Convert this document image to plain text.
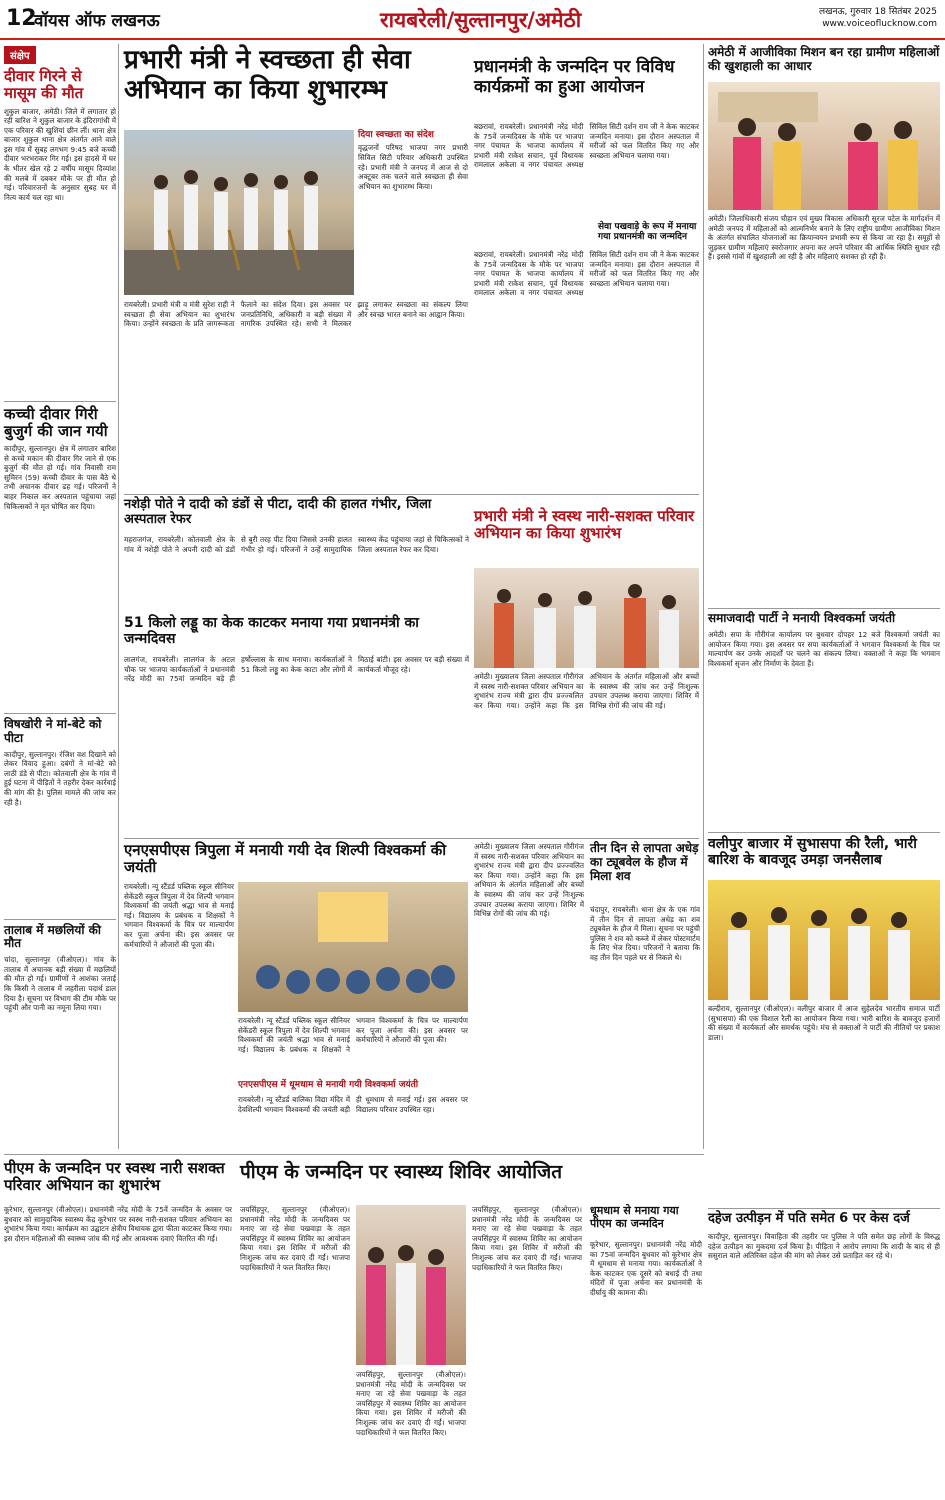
12
वॉयस ऑफ लखनऊ	रायबरेली/सुल्तानपुर/अमेठी	लखनऊ, गुरुवार 18 सितंबर 2025
www.voiceoflucknow.com
संक्षेप
दीवार गिरने से मासूम की मौत
शुकुल बाजार, अमेठी। जिले में लगातार हो रही बारिश ने शुकुल बाजार के इंदिरागांधी में एक परिवार की खुशियां छीन लीं। थाना क्षेत्र बाजार शुकुल थाना क्षेत्र अंतर्गत आने वाले इस गांव में सुबह लगभग 9:45 बजे कच्ची दीवार भरभराकर गिर गई। इस हादसे में घर के भीतर खेल रहे 2 वर्षीय मासूम दिव्यांश की मलबे में दबकर मौके पर ही मौत हो गई। परिवारजनों के अनुसार सुबह घर में नित्य कार्य चल रहा था।
कच्ची दीवार गिरी बुजुर्ग की जान गयी
कादीपुर, सुल्तानपुर। क्षेत्र में लगातार बारिश से कच्चे मकान की दीवार गिर जाने से एक बुजुर्ग की मौत हो गई। गांव निवासी राम सुमिरन (59) कच्ची दीवार के पास बैठे थे तभी अचानक दीवार ढह गई। परिजनों ने बाहर निकाल कर अस्पताल पहुंचाया जहां चिकित्सकों ने मृत घोषित कर दिया।
विषखोरी ने मां-बेटे को पीटा
कादीपुर, सुल्तानपुर। रंजिश वश दिखाने को लेकर विवाद हुआ। दबंगों ने मां-बेटे को लाठी डंडे से पीटा। कोतवाली क्षेत्र के गांव में हुई घटना में पीड़ितों ने तहरीर देकर कार्रवाई की मांग की है। पुलिस मामले की जांच कर रही है।
तालाब में मछलियों की मौत
चांदा, सुल्तानपुर (वीओएल)। गांव के तालाब में अचानक बड़ी संख्या में मछलियों की मौत हो गई। ग्रामीणों ने आशंका जताई कि किसी ने तालाब में जहरीला पदार्थ डाल दिया है। सूचना पर विभाग की टीम मौके पर पहुंची और पानी का नमूना लिया गया।
प्रभारी मंत्री ने स्वच्छता ही सेवा
अभियान का किया शुभारम्भ
दिया स्वच्छता का संदेश
वृद्धजनों परिषद भाजपा नगर प्रभारी सिविल सिटी परिवार अधिकारी उपस्थित रहे। प्रभारी मंत्री ने जनपद में आज से दो अक्टूबर तक चलने वाले स्वच्छता ही सेवा अभियान का शुभारम्भ किया।
रायबरेली। प्रभारी मंत्री व मंत्री सुरेश राही ने स्वच्छता ही सेवा अभियान का शुभारंभ किया। उन्होंने स्वच्छता के प्रति जागरूकता फैलाने का संदेश दिया। इस अवसर पर जनप्रतिनिधि, अधिकारी व बड़ी संख्या में नागरिक उपस्थित रहे। सभी ने मिलकर झाड़ू लगाकर स्वच्छता का संकल्प लिया और स्वच्छ भारत बनाने का आह्वान किया।
प्रधानमंत्री के जन्मदिन पर विविध कार्यक्रमों का हुआ आयोजन
बछरावां, रायबरेली। प्रधानमंत्री नरेंद्र मोदी के 75वें जन्मदिवस के मौके पर भाजपा नगर पंचायत के भाजपा कार्यालय में प्रभारी मंत्री राकेश सचान, पूर्व विधायक रामलाल अकेला व नगर पंचायत अध्यक्ष सिविल सिटी दर्शन राम जी ने केक काटकर जन्मदिन मनाया। इस दौरान अस्पताल में मरीजों को फल वितरित किए गए और स्वच्छता अभियान चलाया गया।
सेवा पखवाड़े के रूप में मनाया गया प्रधानमंत्री का जन्मदिन
बछरावां, रायबरेली। प्रधानमंत्री नरेंद्र मोदी के 75वें जन्मदिवस के मौके पर भाजपा नगर पंचायत के भाजपा कार्यालय में प्रभारी मंत्री राकेश सचान, पूर्व विधायक रामलाल अकेला व नगर पंचायत अध्यक्ष सिविल सिटी दर्शन राम जी ने केक काटकर जन्मदिन मनाया। इस दौरान अस्पताल में मरीजों को फल वितरित किए गए और स्वच्छता अभियान चलाया गया।
नशेड़ी पोते ने दादी को डंडों से पीटा, दादी की हालत गंभीर, जिला अस्पताल रेफर
महराजगंज, रायबरेली। कोतवाली क्षेत्र के गांव में नशेड़ी पोते ने अपनी दादी को डंडों से बुरी तरह पीट दिया जिससे उनकी हालत गंभीर हो गई। परिजनों ने उन्हें सामुदायिक स्वास्थ्य केंद्र पहुंचाया जहां से चिकित्सकों ने जिला अस्पताल रेफर कर दिया।
51 किलो लड्डू का केक काटकर मनाया गया प्रधानमंत्री का जन्मदिवस
लालगंज, रायबरेली। लालगंज के अटल चौक पर भाजपा कार्यकर्ताओं ने प्रधानमंत्री नरेंद्र मोदी का 75वां जन्मदिन बड़े ही हर्षोल्लास के साथ मनाया। कार्यकर्ताओं ने 51 किलो लड्डू का केक काटा और लोगों में मिठाई बांटी। इस अवसर पर बड़ी संख्या में कार्यकर्ता मौजूद रहे।
प्रभारी मंत्री ने स्वस्थ नारी-सशक्त परिवार अभियान का किया शुभारंभ
अमेठी। मुख्यालय जिला अस्पताल गौरीगंज में स्वस्थ नारी-सशक्त परिवार अभियान का शुभारंभ राज्य मंत्री द्वारा दीप प्रज्ज्वलित कर किया गया। उन्होंने कहा कि इस अभियान के अंतर्गत महिलाओं और बच्चों के स्वास्थ्य की जांच कर उन्हें निःशुल्क उपचार उपलब्ध कराया जाएगा। शिविर में विभिन्न रोगों की जांच की गई।
एनएसपीएस त्रिपुला में मनायी गयी देव शिल्पी विश्वकर्मा की जयंती
रायबरेली। न्यू स्टैंडर्ड पब्लिक स्कूल सीनियर सेकेंडरी स्कूल त्रिपुला में देव शिल्पी भगवान विश्वकर्मा की जयंती श्रद्धा भाव से मनाई गई। विद्यालय के प्रबंधक व शिक्षकों ने भगवान विश्वकर्मा के चित्र पर माल्यार्पण कर पूजा अर्चना की। इस अवसर पर कर्मचारियों ने औजारों की पूजा की।
रायबरेली। न्यू स्टैंडर्ड पब्लिक स्कूल सीनियर सेकेंडरी स्कूल त्रिपुला में देव शिल्पी भगवान विश्वकर्मा की जयंती श्रद्धा भाव से मनाई गई। विद्यालय के प्रबंधक व शिक्षकों ने भगवान विश्वकर्मा के चित्र पर माल्यार्पण कर पूजा अर्चना की। इस अवसर पर कर्मचारियों ने औजारों की पूजा की।
एनएसपीएस में धूमधाम से मनायी गयी विश्वकर्मा जयंती
रायबरेली। न्यू स्टैंडर्ड बालिका विद्या मंदिर में देवशिल्पी भगवान विश्वकर्मा की जयंती बड़ी ही धूमधाम से मनाई गई। इस अवसर पर विद्यालय परिवार उपस्थित रहा।
अमेठी। मुख्यालय जिला अस्पताल गौरीगंज में स्वस्थ नारी-सशक्त परिवार अभियान का शुभारंभ राज्य मंत्री द्वारा दीप प्रज्ज्वलित कर किया गया। उन्होंने कहा कि इस अभियान के अंतर्गत महिलाओं और बच्चों के स्वास्थ्य की जांच कर उन्हें निःशुल्क उपचार उपलब्ध कराया जाएगा। शिविर में विभिन्न रोगों की जांच की गई।
तीन दिन से लापता अधेड़ का ट्यूबवेल के हौज में मिला शव
चंदापुर, रायबरेली। थाना क्षेत्र के एक गांव में तीन दिन से लापता अधेड़ का शव ट्यूबवेल के हौज में मिला। सूचना पर पहुंची पुलिस ने शव को कब्जे में लेकर पोस्टमार्टम के लिए भेज दिया। परिजनों ने बताया कि वह तीन दिन पहले घर से निकले थे।
अमेठी में आजीविका मिशन बन रहा ग्रामीण महिलाओं की खुशहाली का आधार
अमेठी। जिलाधिकारी संजय चौहान एवं मुख्य विकास अधिकारी सूरज पटेल के मार्गदर्शन में अमेठी जनपद में महिलाओं को आत्मनिर्भर बनाने के लिए राष्ट्रीय ग्रामीण आजीविका मिशन के अंतर्गत संचालित योजनाओं का क्रियान्वयन प्रभावी रूप से किया जा रहा है। समूहों से जुड़कर ग्रामीण महिलाएं स्वरोजगार अपना कर अपने परिवार की आर्थिक स्थिति सुधार रही हैं। इससे गांवों में खुशहाली आ रही है और महिलाएं सशक्त हो रही हैं।
समाजवादी पार्टी ने मनायी विश्वकर्मा जयंती
अमेठी। सपा के गौरीगंज कार्यालय पर बुधवार दोपहर 12 बजे विश्वकर्मा जयंती का आयोजन किया गया। इस अवसर पर सपा कार्यकर्ताओं ने भगवान विश्वकर्मा के चित्र पर माल्यार्पण कर उनके आदर्शों पर चलने का संकल्प लिया। वक्ताओं ने कहा कि भगवान विश्वकर्मा सृजन और निर्माण के देवता हैं।
वलीपुर बाजार में सुभासपा की रैली, भारी बारिश के बावजूद उमड़ा जनसैलाब
बल्दीराय, सुल्तानपुर (वीओएल)। वलीपुर बाजार में आज सुहेलदेव भारतीय समाज पार्टी (सुभासपा) की एक विशाल रैली का आयोजन किया गया। भारी बारिश के बावजूद हजारों की संख्या में कार्यकर्ता और समर्थक पहुंचे। मंच से वक्ताओं ने पार्टी की नीतियों पर प्रकाश डाला।
पीएम के जन्मदिन पर स्वस्थ नारी सशक्त परिवार अभियान का शुभारंभ
कूरेभार, सुल्तानपुर (वीओएल)। प्रधानमंत्री नरेंद्र मोदी के 75वें जन्मदिन के अवसर पर बुधवार को सामुदायिक स्वास्थ्य केंद्र कूरेभार पर स्वस्थ नारी-सशक्त परिवार अभियान का शुभारंभ किया गया। कार्यक्रम का उद्घाटन क्षेत्रीय विधायक द्वारा फीता काटकर किया गया। इस दौरान महिलाओं की स्वास्थ्य जांच की गई और आवश्यक दवाएं वितरित की गईं।
पीएम के जन्मदिन पर स्वास्थ्य शिविर आयोजित
जयसिंहपुर, सुल्तानपुर (वीओएल)। प्रधानमंत्री नरेंद्र मोदी के जन्मदिवस पर मनाए जा रहे सेवा पखवाड़ा के तहत जयसिंहपुर में स्वास्थ्य शिविर का आयोजन किया गया। इस शिविर में मरीजों की निःशुल्क जांच कर दवाएं दी गईं। भाजपा पदाधिकारियों ने फल वितरित किए।
जयसिंहपुर, सुल्तानपुर (वीओएल)। प्रधानमंत्री नरेंद्र मोदी के जन्मदिवस पर मनाए जा रहे सेवा पखवाड़ा के तहत जयसिंहपुर में स्वास्थ्य शिविर का आयोजन किया गया। इस शिविर में मरीजों की निःशुल्क जांच कर दवाएं दी गईं। भाजपा पदाधिकारियों ने फल वितरित किए।
जयसिंहपुर, सुल्तानपुर (वीओएल)। प्रधानमंत्री नरेंद्र मोदी के जन्मदिवस पर मनाए जा रहे सेवा पखवाड़ा के तहत जयसिंहपुर में स्वास्थ्य शिविर का आयोजन किया गया। इस शिविर में मरीजों की निःशुल्क जांच कर दवाएं दी गईं। भाजपा पदाधिकारियों ने फल वितरित किए।
धूमधाम से मनाया गया पीएम का जन्मदिन
कूरेभार, सुल्तानपुर। प्रधानमंत्री नरेंद्र मोदी का 75वां जन्मदिन बुधवार को कूरेभार क्षेत्र में धूमधाम से मनाया गया। कार्यकर्ताओं ने केक काटकर एक दूसरे को बधाई दी तथा मंदिरों में पूजा अर्चना कर प्रधानमंत्री के दीर्घायु की कामना की।
दहेज उत्पीड़न में पति समेत 6 पर केस दर्ज
कादीपुर, सुल्तानपुर। विवाहिता की तहरीर पर पुलिस ने पति समेत छह लोगों के विरुद्ध दहेज उत्पीड़न का मुकदमा दर्ज किया है। पीड़िता ने आरोप लगाया कि शादी के बाद से ही ससुराल वाले अतिरिक्त दहेज की मांग को लेकर उसे प्रताड़ित कर रहे थे।
